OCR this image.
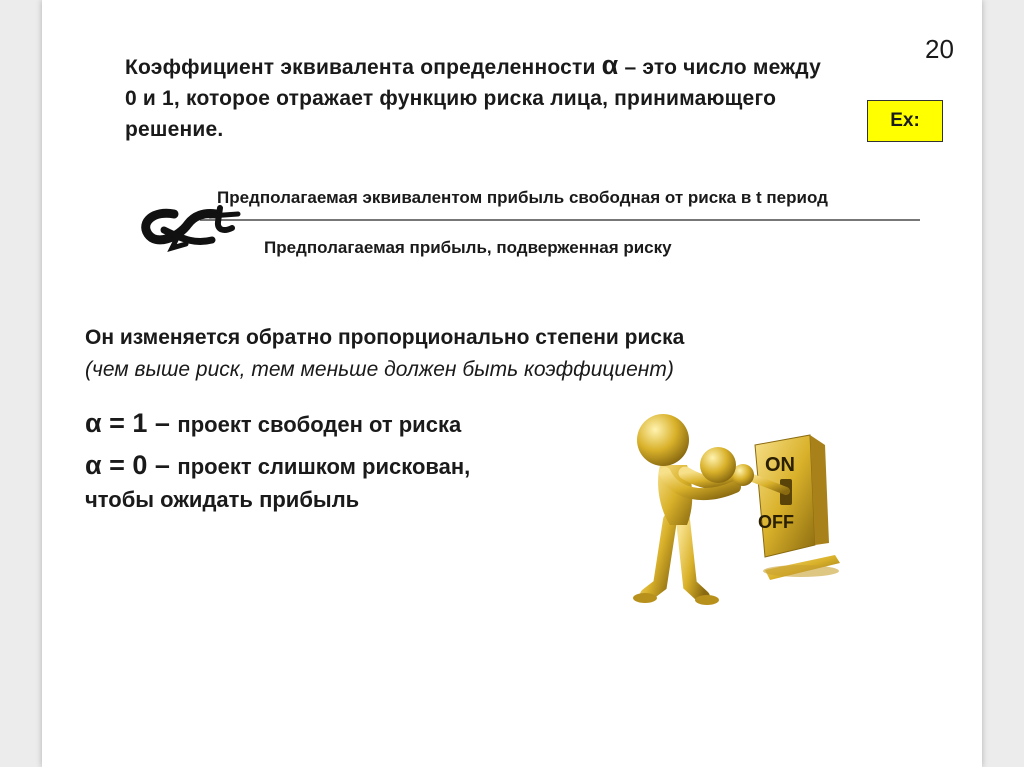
20
Коэффициент эквивалента определенности α – это число между 0 и 1, которое отражает функцию риска лица, принимающего решение.	Ex:
Предполагаемая эквивалентом прибыль свободная от риска в t период
Предполагаемая прибыль, подверженная риску
Он изменяется обратно пропорционально степени риска
(чем выше риск, тем меньше должен быть коэффициент)
α = 1 – проект свободен от риска
α = 0 – проект слишком рискован,
чтобы ожидать прибыль
ON
OFF
